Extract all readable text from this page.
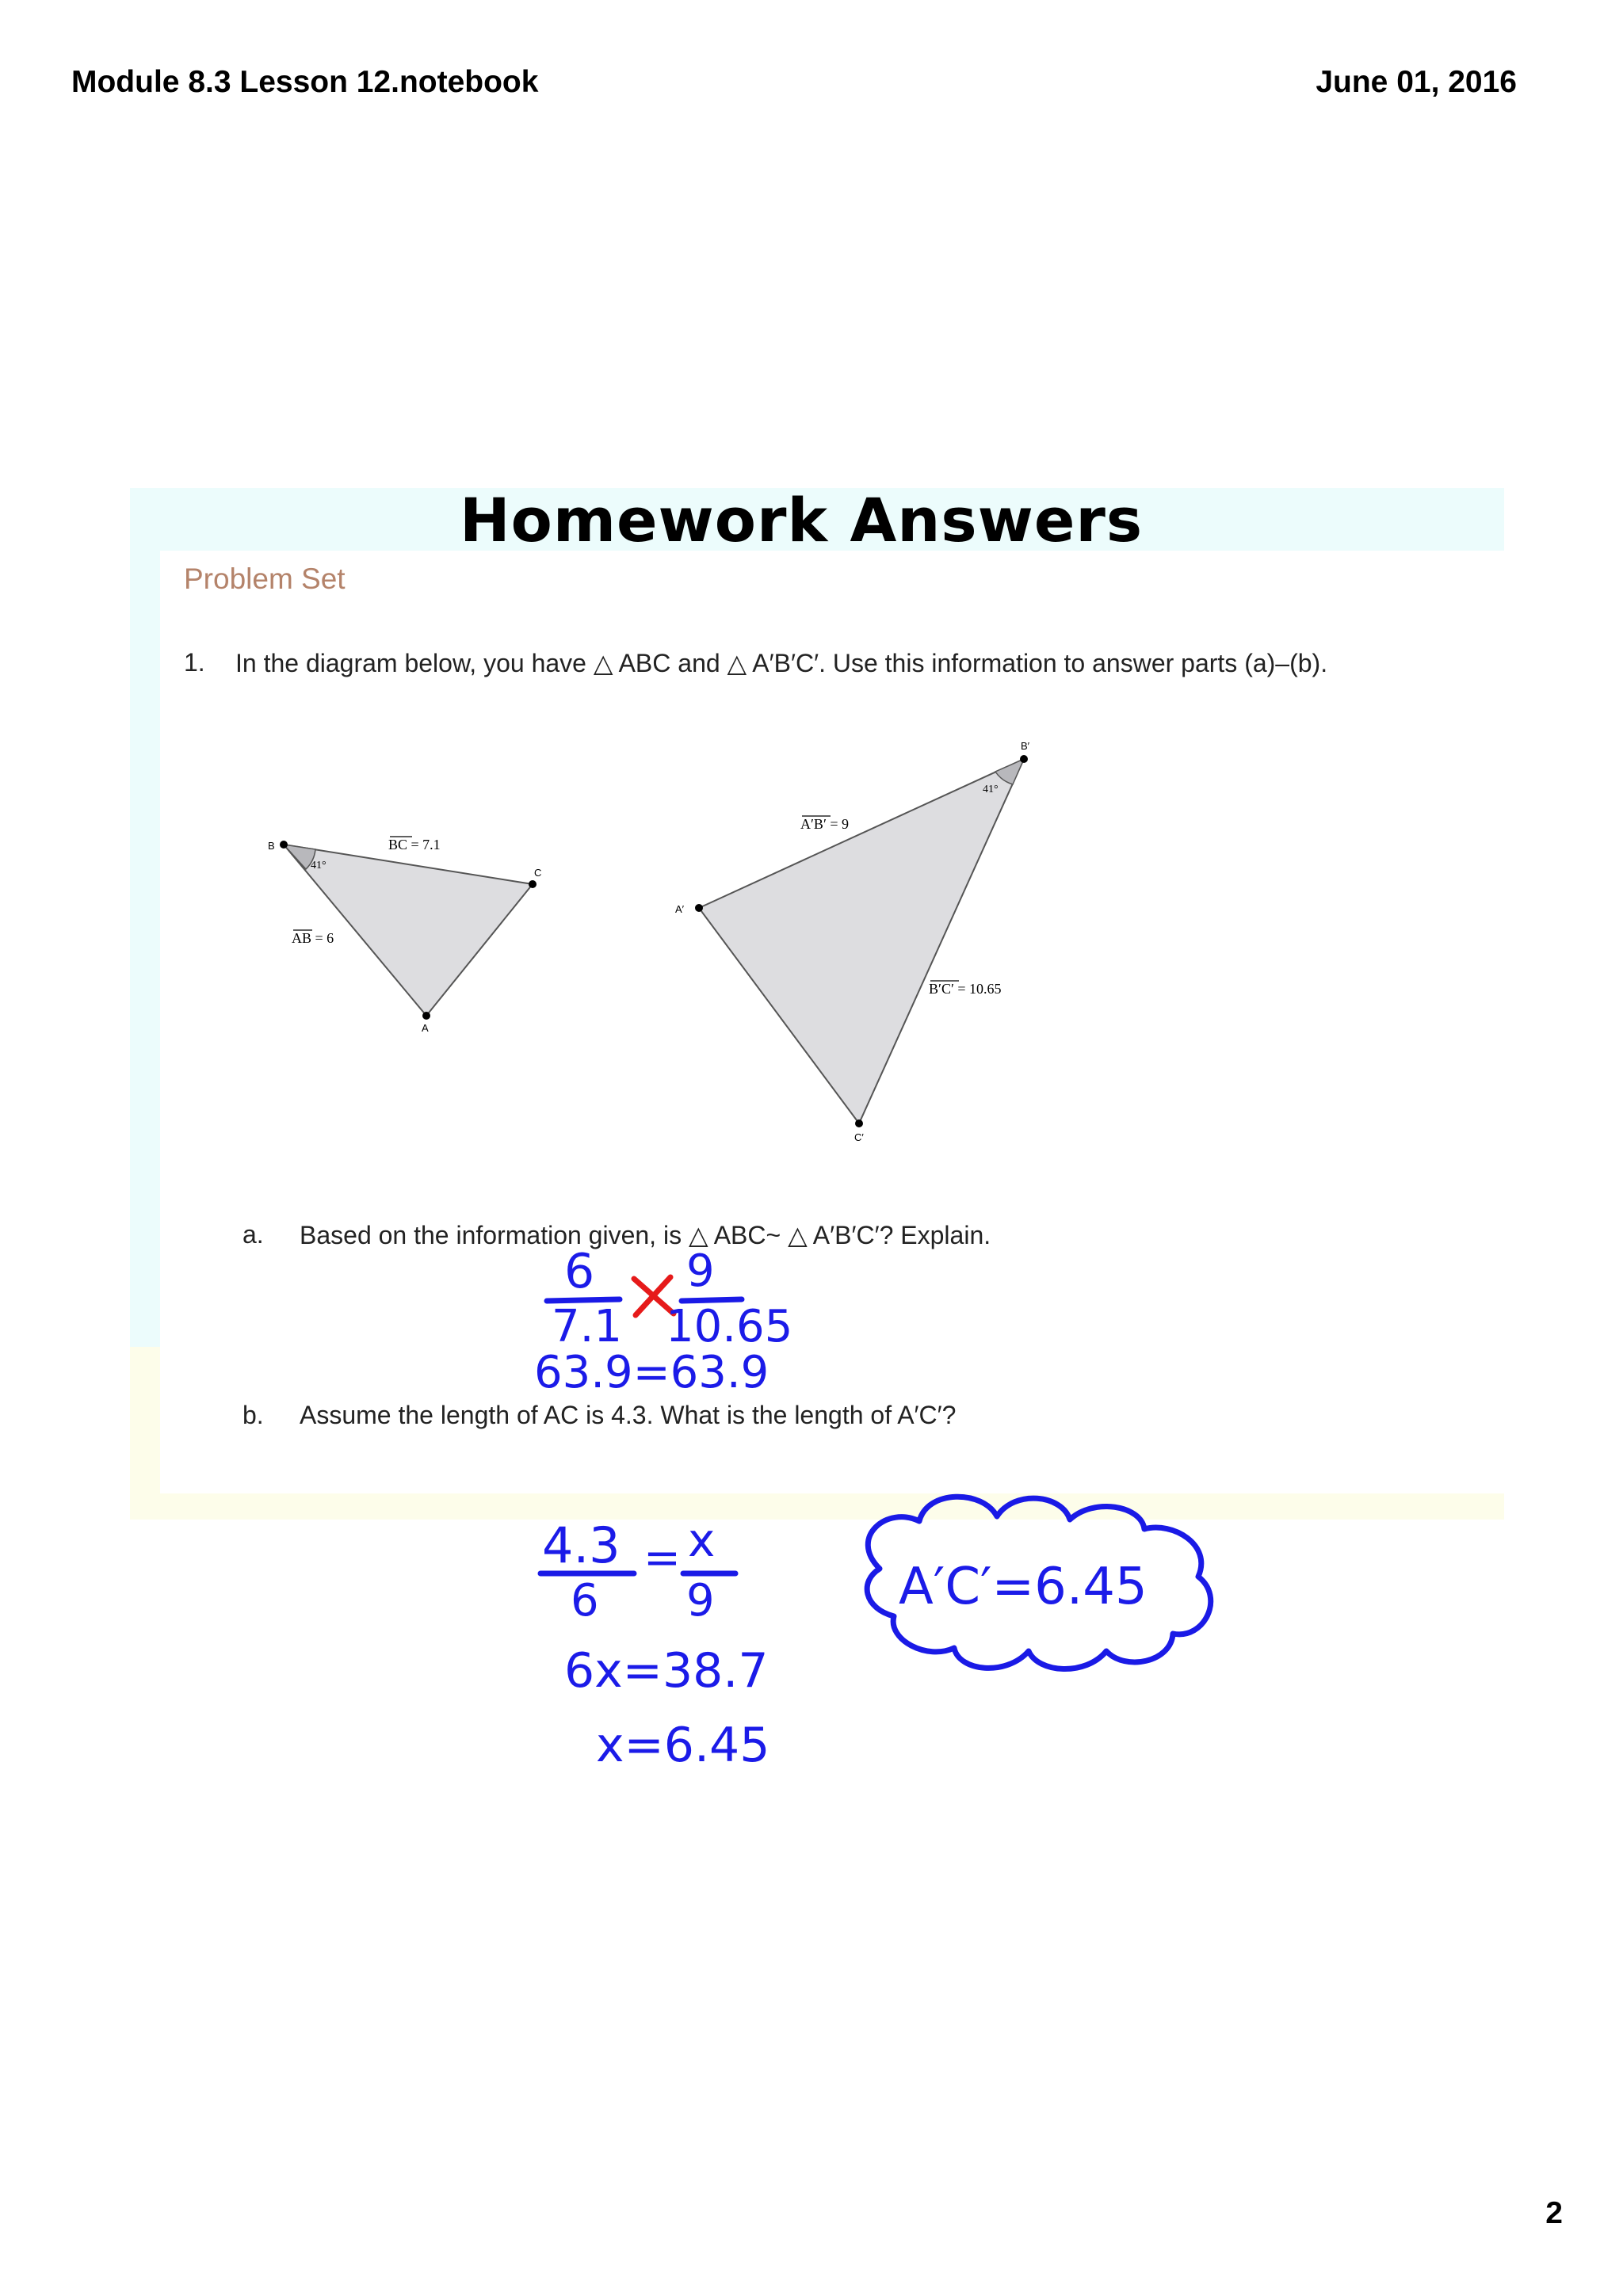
Module 8.3 Lesson 12.notebook	June 01, 2016
Homework Answers
Problem Set
1. In the diagram below, you have △ ABC and △ A′B′C′. Use this information to answer parts (a)–(b).
B
C
A
41°
BC = 7.1
AB = 6
B′
A′
C′
41°
A′B′ = 9
B′C′ = 10.65
a. Based on the information given, is △ ABC~ △ A′B′C′? Explain.
b. Assume the length of AC is 4.3. What is the length of A′C′?
6
7.1
9
10.65
63.9=63.9
4.3
6
= x
9
6x=38.7
x=6.45
A′C′=6.45
2
